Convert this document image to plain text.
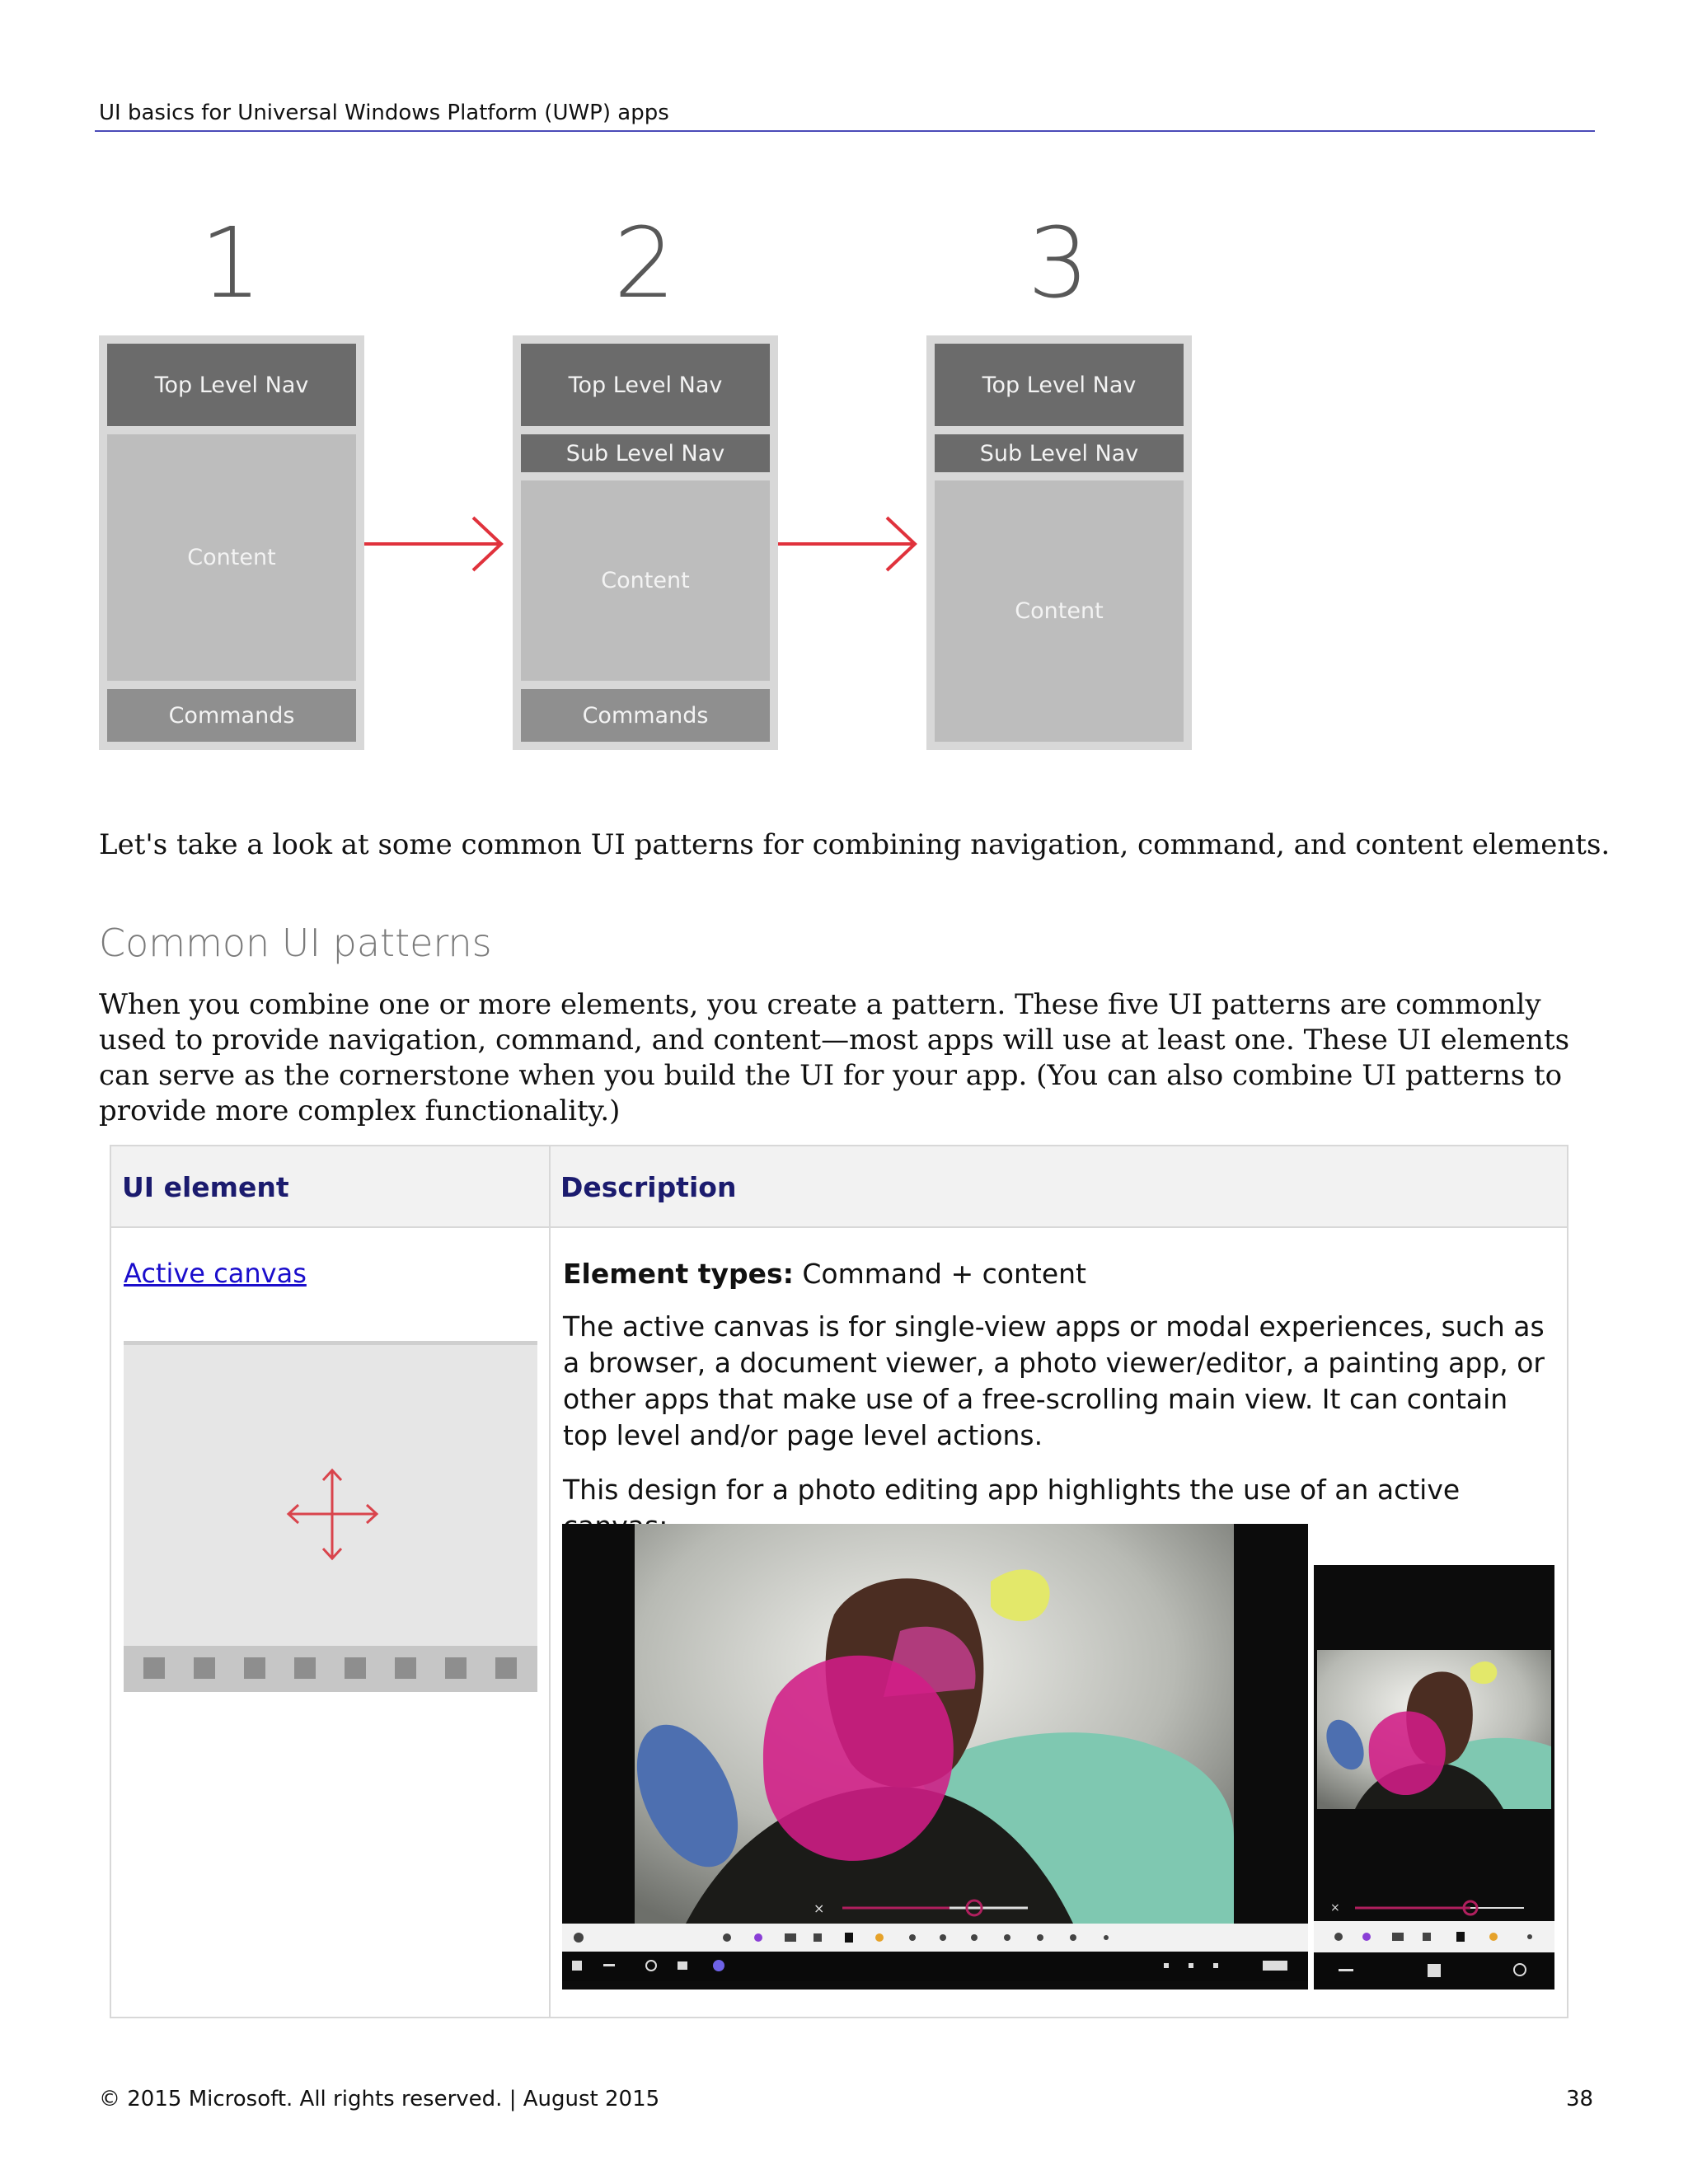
UI basics for Universal Windows Platform (UWP) apps
1	2	3
Top Level Nav
Content
Commands
Top Level Nav
Sub Level Nav
Content
Commands
Top Level Nav
Sub Level Nav
Content
Let's take a look at some common UI patterns for combining navigation, command, and content elements.
Common UI patterns
When you combine one or more elements, you create a pattern. These five UI patterns are commonly used to provide navigation, command, and content—most apps will use at least one. These UI elements can serve as the cornerstone when you build the UI for your app. (You can also combine UI patterns to provide more complex functionality.)
UI element	Description
Active canvas	Element types: Command + content
The active canvas is for single-view apps or modal experiences, such as a browser, a document viewer, a photo viewer/editor, a painting app, or other apps that make use of a free-scrolling main view. It can contain top level and/or page level actions.
This design for a photo editing app highlights the use of an active
×	×
© 2015 Microsoft. All rights reserved. | August 2015	38
